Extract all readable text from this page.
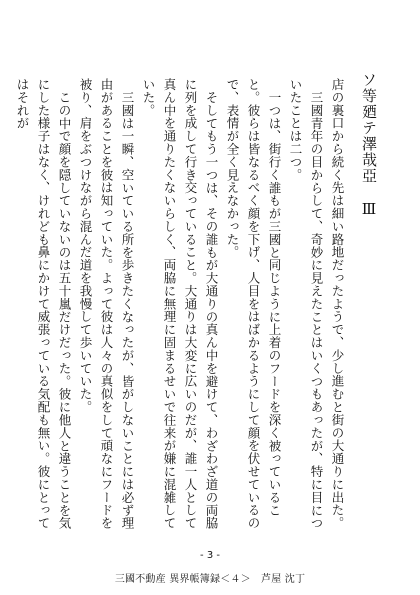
ソ等廼テ澤哉亞　Ⅲ

店の裏口から続く先は細い路地だったようで、少し進むと街の大通りに出た。

三國青年の目からして、奇妙に見えたことはいくつもあったが、特に目についたことは二つ。

一つは、街行く誰もが三國と同じように上着のフードを深く被っていること。彼らは皆なるべく顔を下げ、人目をはばかるようにして顔を伏せているので、表情が全く見えなかった。

そしてもう一つは、その誰もが大通りの真ん中を避けて、わざわざ道の両脇に列を成して行き交っていること。大通りは大変に広いのだが、誰一人として真ん中を通りたくないらしく、両脇に無理に固まるせいで往来が嫌に混雑していた。

三國は一瞬、空いている所を歩きたくなったが、皆がしないことには必ず理由があることを彼は知っていた。よって彼は人々の真似をして頑なにフードを被り、肩をぶつけながら混んだ道を我慢して歩いていた。

この中で顔を隠していないのは五十嵐だけだった。彼に他人と違うことを気にした様子はなく、けれども鼻にかけて威張っている気配も無い。彼にとってはそれが

- 3 -
三國不動産 異界帳簿録＜４＞　芦屋 沈丁
